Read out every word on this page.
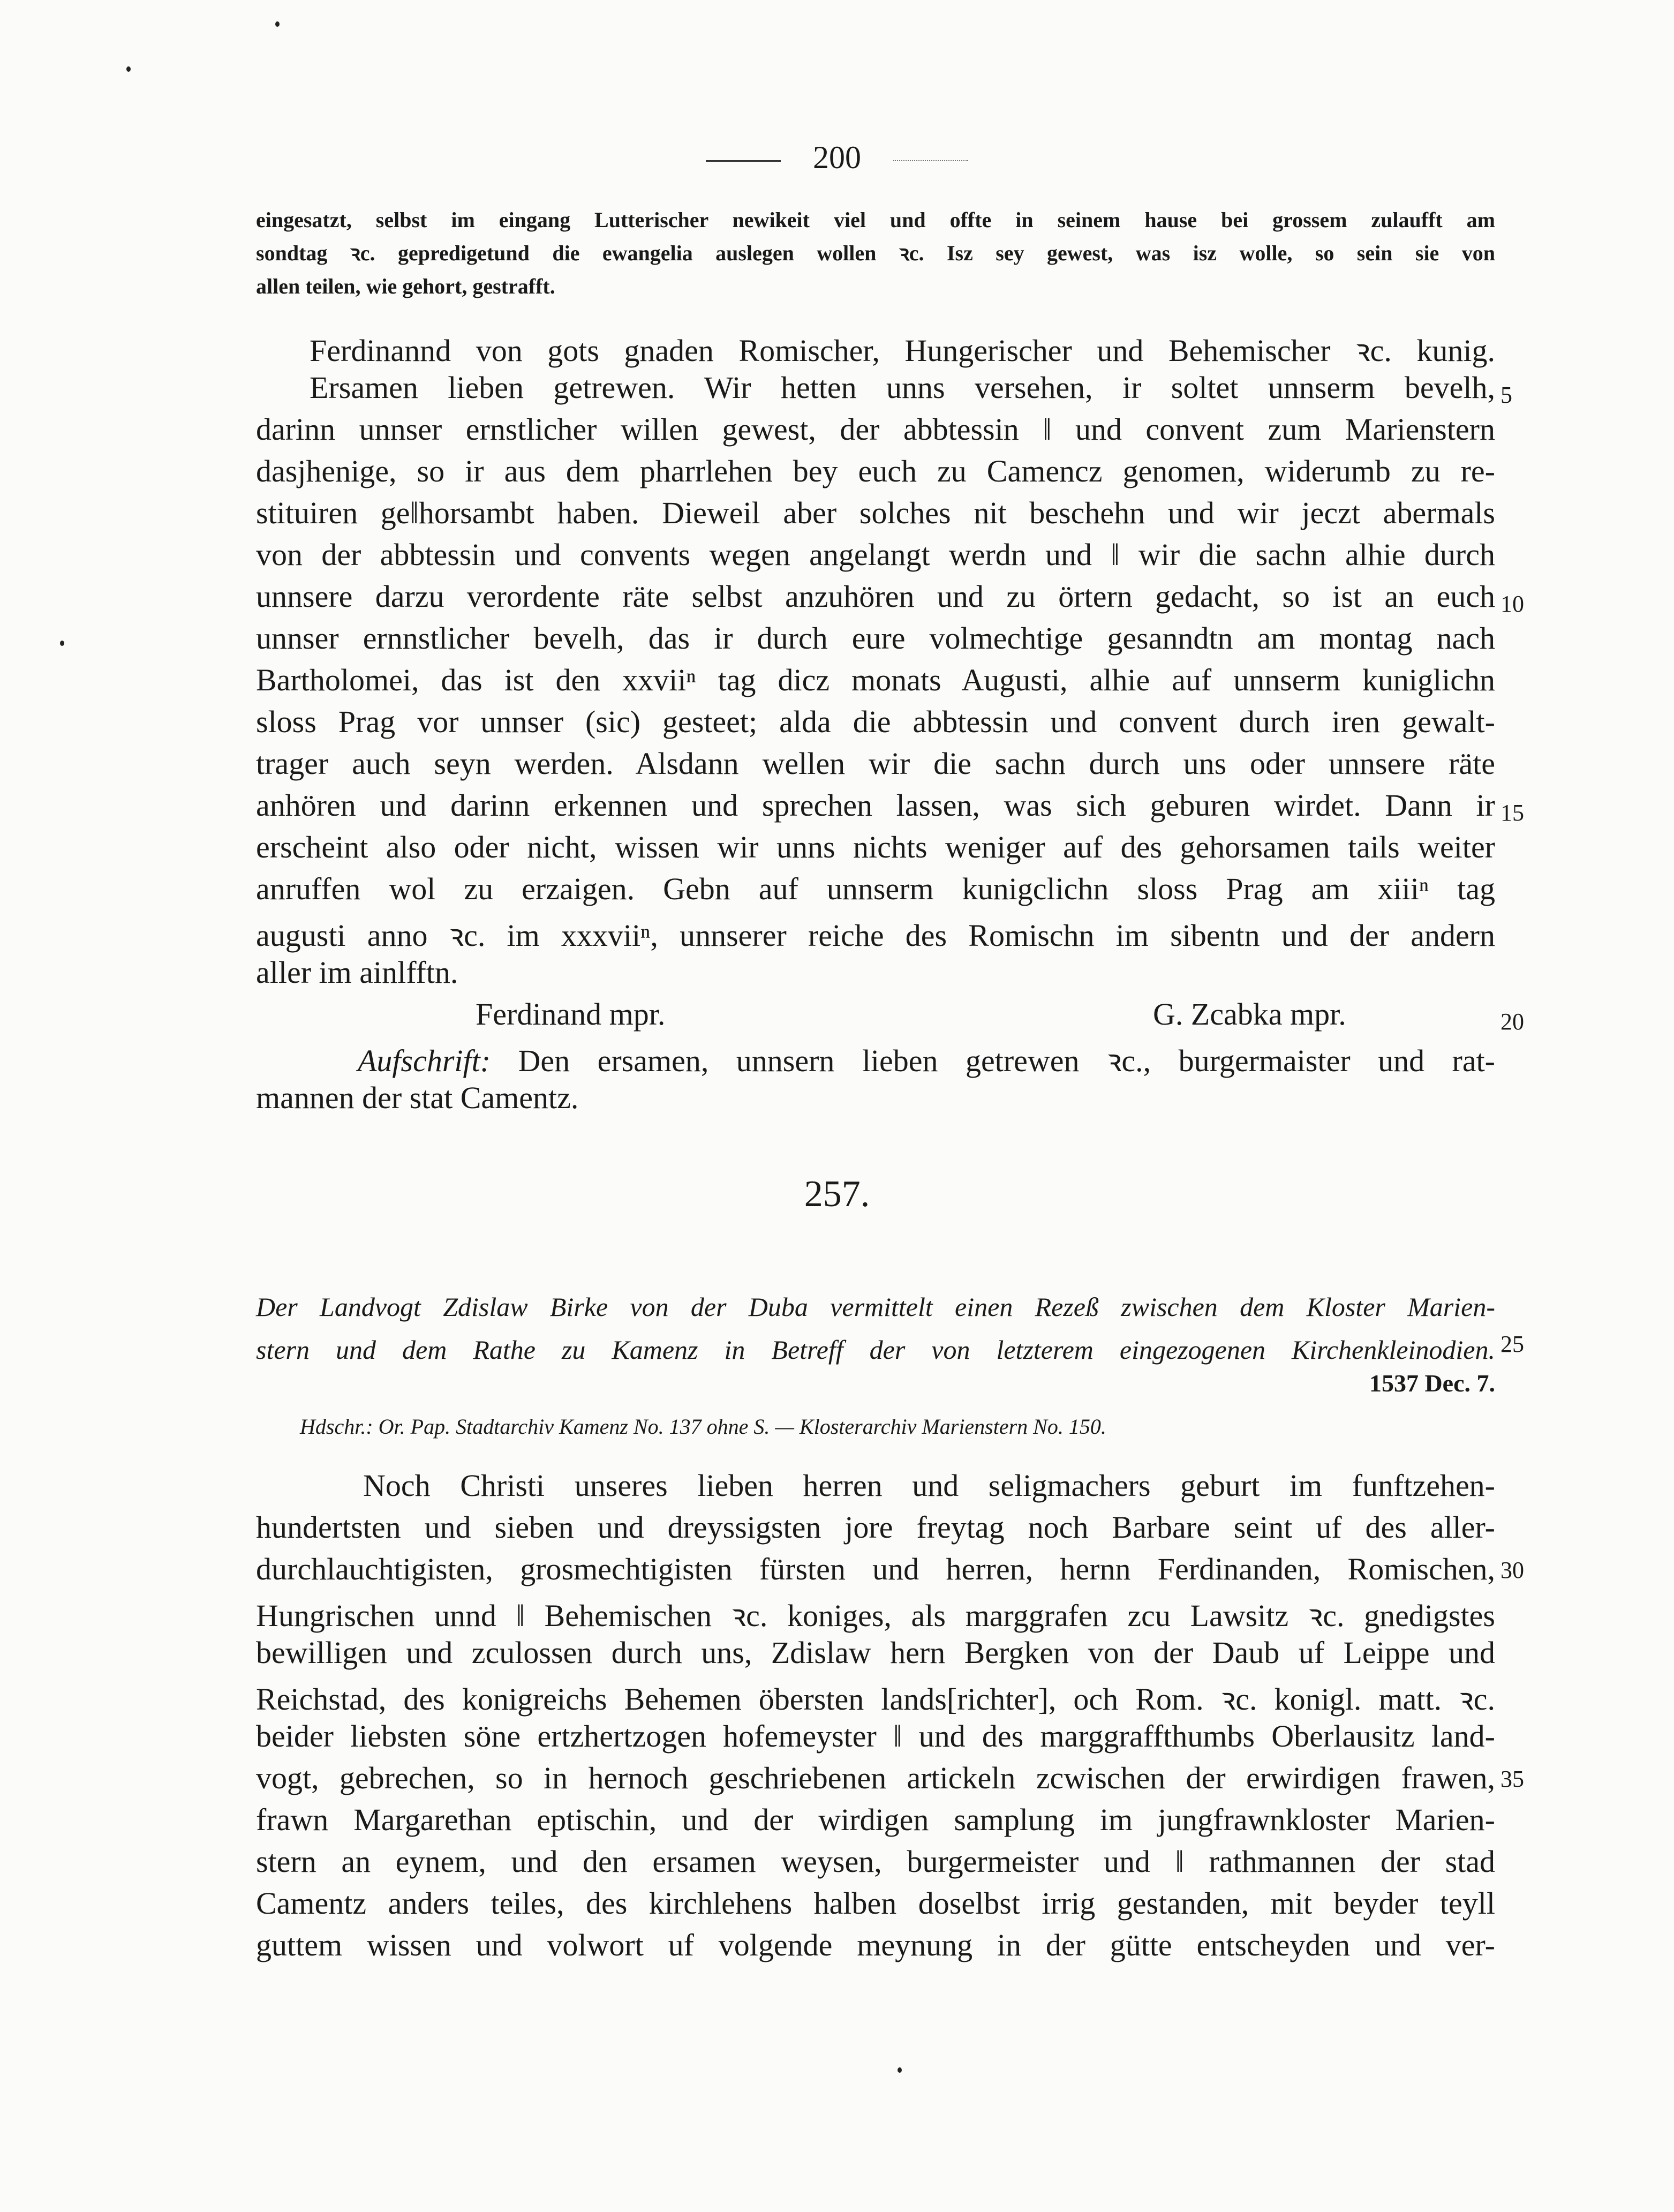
200
eingesatzt, selbst im eingang Lutterischer newikeit viel und offte in seinem hause bei grossem zulaufft am
sondtag ꝛc. gepredigetund die ewangelia auslegen wollen ꝛc. Isz sey gewest, was isz wolle, so sein sie von
allen teilen, wie gehort, gestrafft.
Ferdinannd von gots gnaden Romischer, Hungerischer und Behemischer ꝛc. kunig.
Ersamen lieben getrewen. Wir hetten unns versehen, ir soltet unnserm bevelh,
darinn unnser ernstlicher willen gewest, der abbtessin ‖ und convent zum Marienstern
dasjhenige, so ir aus dem pharrlehen bey euch zu Camencz genomen, widerumb zu re-
stituiren ge‖horsambt haben. Dieweil aber solches nit beschehn und wir jeczt abermals
von der abbtessin und convents wegen angelangt werdn und ‖ wir die sachn alhie durch
unnsere darzu verordente räte selbst anzuhören und zu örtern gedacht, so ist an euch
unnser ernnstlicher bevelh, das ir durch eure volmechtige gesanndtn am montag nach
Bartholomei, das ist den xxviiⁿ tag dicz monats Augusti, alhie auf unnserm kuniglichn
sloss Prag vor unnser (sic) gesteet; alda die abbtessin und convent durch iren gewalt-
trager auch seyn werden. Alsdann wellen wir die sachn durch uns oder unnsere räte
anhören und darinn erkennen und sprechen lassen, was sich geburen wirdet. Dann ir
erscheint also oder nicht, wissen wir unns nichts weniger auf des gehorsamen tails weiter
anruffen wol zu erzaigen. Gebn auf unnserm kunigclichn sloss Prag am xiiiⁿ tag
augusti anno ꝛc. im xxxviiⁿ, unnserer reiche des Romischn im sibentn und der andern
aller im ainlfftn.
Ferdinand mpr.	G. Zcabka mpr.
Aufschrift: Den ersamen, unnsern lieben getrewen ꝛc., burgermaister und rat-
mannen der stat Camentz.
257.
Der Landvogt Zdislaw Birke von der Duba vermittelt einen Rezeß zwischen dem Kloster Marien-
stern und dem Rathe zu Kamenz in Betreff der von letzterem eingezogenen Kirchenkleinodien.
1537 Dec. 7.
Hdschr.: Or. Pap. Stadtarchiv Kamenz No. 137 ohne S. — Klosterarchiv Marienstern No. 150.
Noch Christi unseres lieben herren und seligmachers geburt im funftzehen-
hundertsten und sieben und dreyssigsten jore freytag noch Barbare seint uf des aller-
durchlauchtigisten, grosmechtigisten fürsten und herren, hernn Ferdinanden, Romischen,
Hungrischen unnd ‖ Behemischen ꝛc. koniges, als marggrafen zcu Lawsitz ꝛc. gnedigstes
bewilligen und zculossen durch uns, Zdislaw hern Bergken von der Daub uf Leippe und
Reichstad, des konigreichs Behemen öbersten lands[richter], och Rom. ꝛc. konigl. matt. ꝛc.
beider liebsten söne ertzhertzogen hofemeyster ‖ und des marggraffthumbs Oberlausitz land-
vogt, gebrechen, so in hernoch geschriebenen artickeln zcwischen der erwirdigen frawen,
frawn Margarethan eptischin, und der wirdigen samplung im jungfrawnkloster Marien-
stern an eynem, und den ersamen weysen, burgermeister und ‖ rathmannen der stad
Camentz anders teiles, des kirchlehens halben doselbst irrig gestanden, mit beyder teyll
guttem wissen und volwort uf volgende meynung in der gütte entscheyden und ver-
5
10
15
20
25
30
35
